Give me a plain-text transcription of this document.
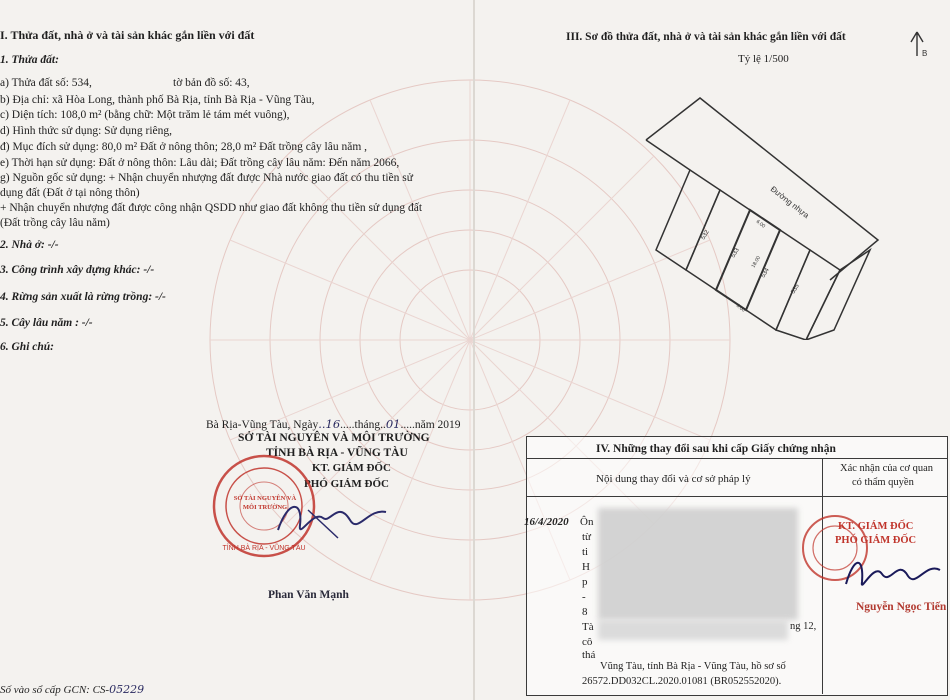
I. Thửa đất, nhà ở và tài sản khác gắn liền với đất
1. Thửa đất:
a) Thửa đất số: 534,	tờ bản đồ số: 43,
b) Địa chỉ: xã Hòa Long, thành phố Bà Rịa, tỉnh Bà Rịa - Vũng Tàu,
c) Diện tích: 108,0 m² (bằng chữ: Một trăm lẻ tám mét vuông),
d) Hình thức sử dụng: Sử dụng riêng,
đ) Mục đích sử dụng: 80,0 m² Đất ở nông thôn; 28,0 m² Đất trồng cây lâu năm ,
e) Thời hạn sử dụng: Đất ở nông thôn: Lâu dài; Đất trồng cây lâu năm: Đến năm 2066,
g) Nguồn gốc sử dụng: + Nhận chuyển nhượng đất được Nhà nước giao đất có thu tiền sử
dụng đất (Đất ở tại nông thôn)
+ Nhận chuyển nhượng đất được công nhận QSDD như giao đất không thu tiền sử dụng đất
(Đất trồng cây lâu năm)
2. Nhà ở: -/-
3. Công trình xây dựng khác: -/-
4. Rừng sản xuất là rừng trồng: -/-
5. Cây lâu năm : -/-
6. Ghi chú:
Bà Rịa-Vũng Tàu, Ngày..16.....tháng..01.....năm 2019
SỞ TÀI NGUYÊN VÀ MÔI TRƯỜNG
TỈNH BÀ RỊA - VŨNG TÀU
KT. GIÁM ĐỐC
PHÓ GIÁM ĐỐC
TỈNH BÀ RỊA - VŨNG TÀU
SỞ TÀI NGUYÊN VÀ MÔI TRƯỜNG
Phan Văn Mạnh
Số vào sổ cấp GCN: CS-05229
III. Sơ đồ thửa đất, nhà ở và tài sản khác gắn liền với đất
Tỷ lệ 1/500	B
Đường nhựa
532
533
534
535
6.00
18.00
6.00
IV. Những thay đổi sau khi cấp Giấy chứng nhận
Nội dung thay đổi và cơ sở pháp lý
Xác nhận của cơ quan
có thẩm quyền
16/4/2020 Ôn
từ
ti
H
p
-
8
Tà
thá
cô
ng 12,
Vũng Tàu, tỉnh Bà Rịa - Vũng Tàu, hồ sơ số
26572.DD032CL.2020.01081 (BR052552020).
KT. GIÁM ĐỐC
PHÓ GIÁM ĐỐC
Nguyễn Ngọc Tiến
